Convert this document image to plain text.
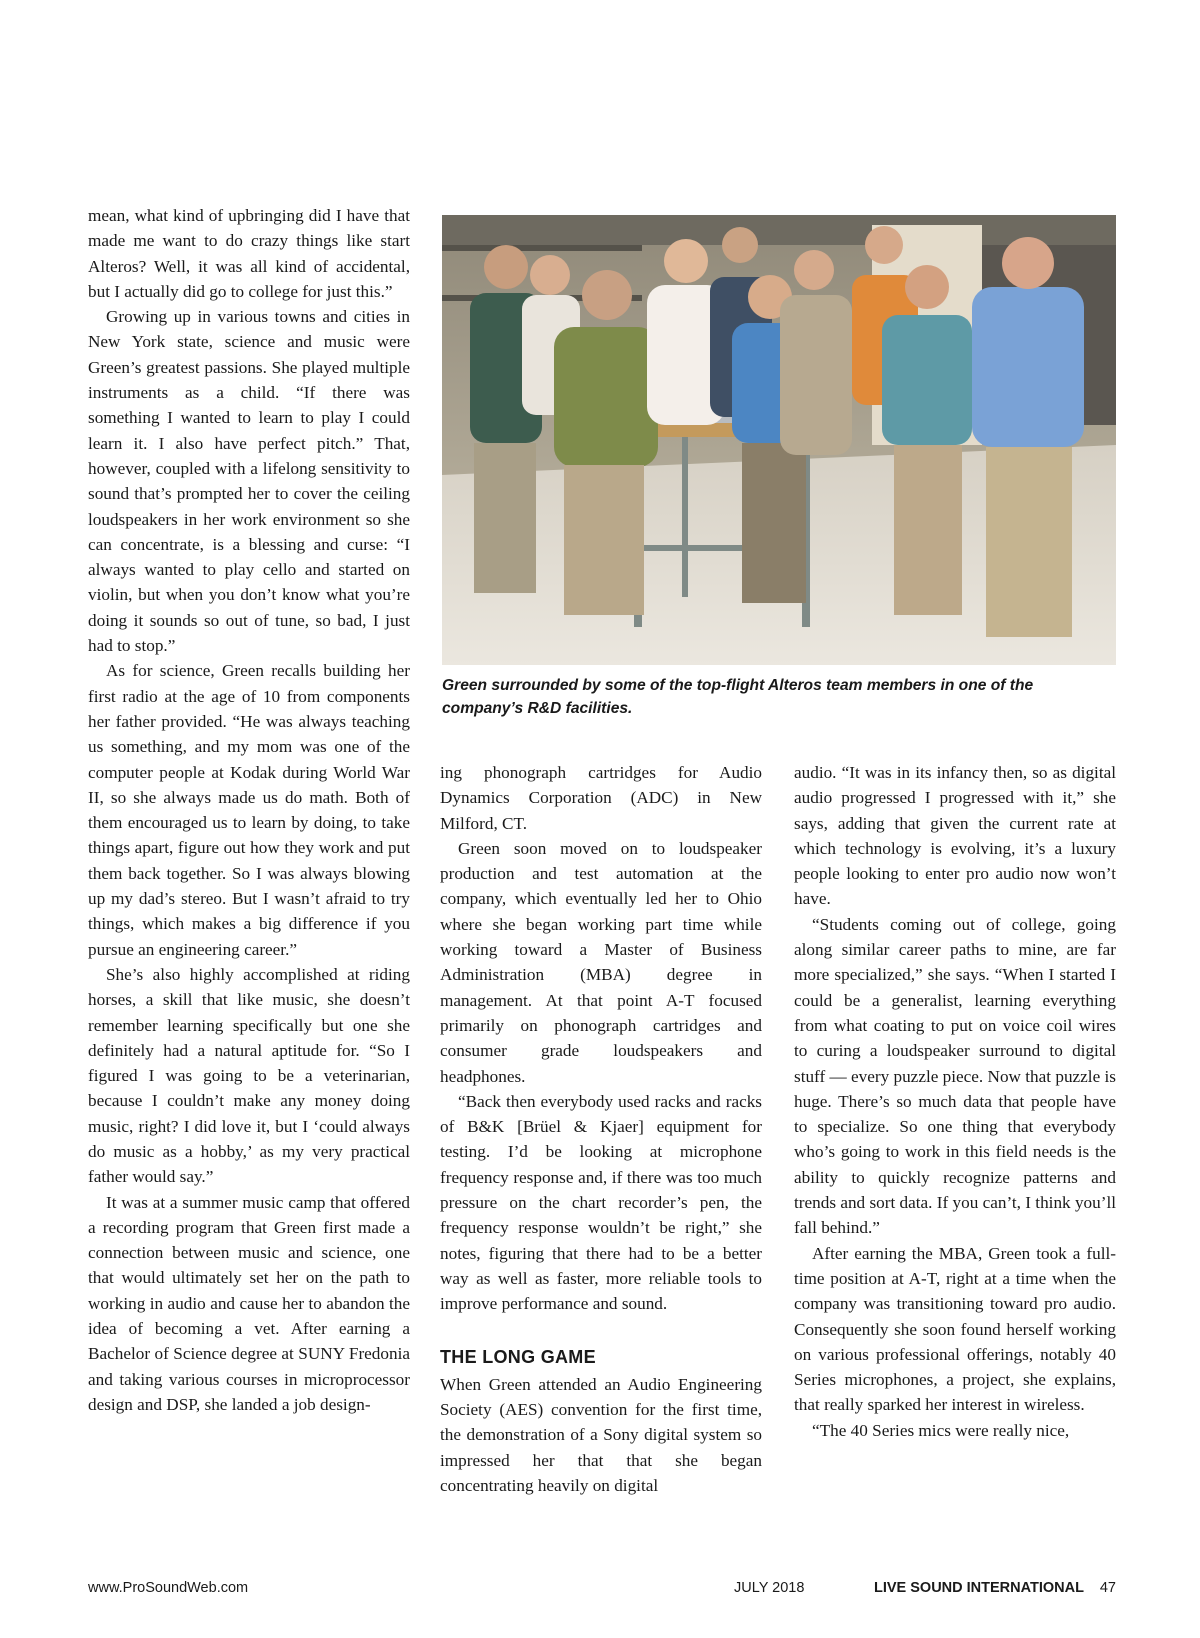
mean, what kind of upbringing did I have that made me want to do crazy things like start Alteros? Well, it was all kind of accidental, but I actually did go to college for just this.”

Growing up in various towns and cities in New York state, science and music were Green’s greatest passions. She played multiple instruments as a child. “If there was something I wanted to learn to play I could learn it. I also have perfect pitch.” That, however, coupled with a lifelong sensitivity to sound that’s prompted her to cover the ceiling loudspeakers in her work environment so she can concentrate, is a blessing and curse: “I always wanted to play cello and started on violin, but when you don’t know what you’re doing it sounds so out of tune, so bad, I just had to stop.”

As for science, Green recalls building her first radio at the age of 10 from components her father provided. “He was always teaching us something, and my mom was one of the computer people at Kodak during World War II, so she always made us do math. Both of them encouraged us to learn by doing, to take things apart, figure out how they work and put them back together. So I was always blowing up my dad’s stereo. But I wasn’t afraid to try things, which makes a big difference if you pursue an engineering career.”

She’s also highly accomplished at riding horses, a skill that like music, she doesn’t remember learning specifically but one she definitely had a natural aptitude for. “So I figured I was going to be a veterinarian, because I couldn’t make any money doing music, right? I did love it, but I ‘could always do music as a hobby,’ as my very practical father would say.”

It was at a summer music camp that offered a recording program that Green first made a connection between music and science, one that would ultimately set her on the path to working in audio and cause her to abandon the idea of becoming a vet. After earning a Bachelor of Science degree at SUNY Fredonia and taking various courses in microprocessor design and DSP, she landed a job design-

Green surrounded by some of the top-flight Alteros team members in one of the company’s R&D facilities.

ing phonograph cartridges for Audio Dynamics Corporation (ADC) in New Milford, CT.

Green soon moved on to loudspeaker production and test automation at the company, which eventually led her to Ohio where she began working part time while working toward a Master of Business Administration (MBA) degree in management. At that point A-T focused primarily on phonograph cartridges and consumer grade loudspeakers and headphones.

“Back then everybody used racks and racks of B&K [Brüel & Kjaer] equipment for testing. I’d be looking at microphone frequency response and, if there was too much pressure on the chart recorder’s pen, the frequency response wouldn’t be right,” she notes, figuring that there had to be a better way as well as faster, more reliable tools to improve performance and sound.

THE LONG GAME

When Green attended an Audio Engineering Society (AES) convention for the first time, the demonstration of a Sony digital system so impressed her that that she began concentrating heavily on digital

audio. “It was in its infancy then, so as digital audio progressed I progressed with it,” she says, adding that given the current rate at which technology is evolving, it’s a luxury people looking to enter pro audio now won’t have.

“Students coming out of college, going along similar career paths to mine, are far more specialized,” she says. “When I started I could be a generalist, learning everything from what coating to put on voice coil wires to curing a loudspeaker surround to digital stuff — every puzzle piece. Now that puzzle is huge. There’s so much data that people have to specialize. So one thing that everybody who’s going to work in this field needs is the ability to quickly recognize patterns and trends and sort data. If you can’t, I think you’ll fall behind.”

After earning the MBA, Green took a full-time position at A-T, right at a time when the company was transitioning toward pro audio. Consequently she soon found herself working on various professional offerings, notably 40 Series microphones, a project, she explains, that really sparked her interest in wireless.

“The 40 Series mics were really nice,

www.ProSoundWeb.com	JULY 2018	LIVE SOUND INTERNATIONAL 47
